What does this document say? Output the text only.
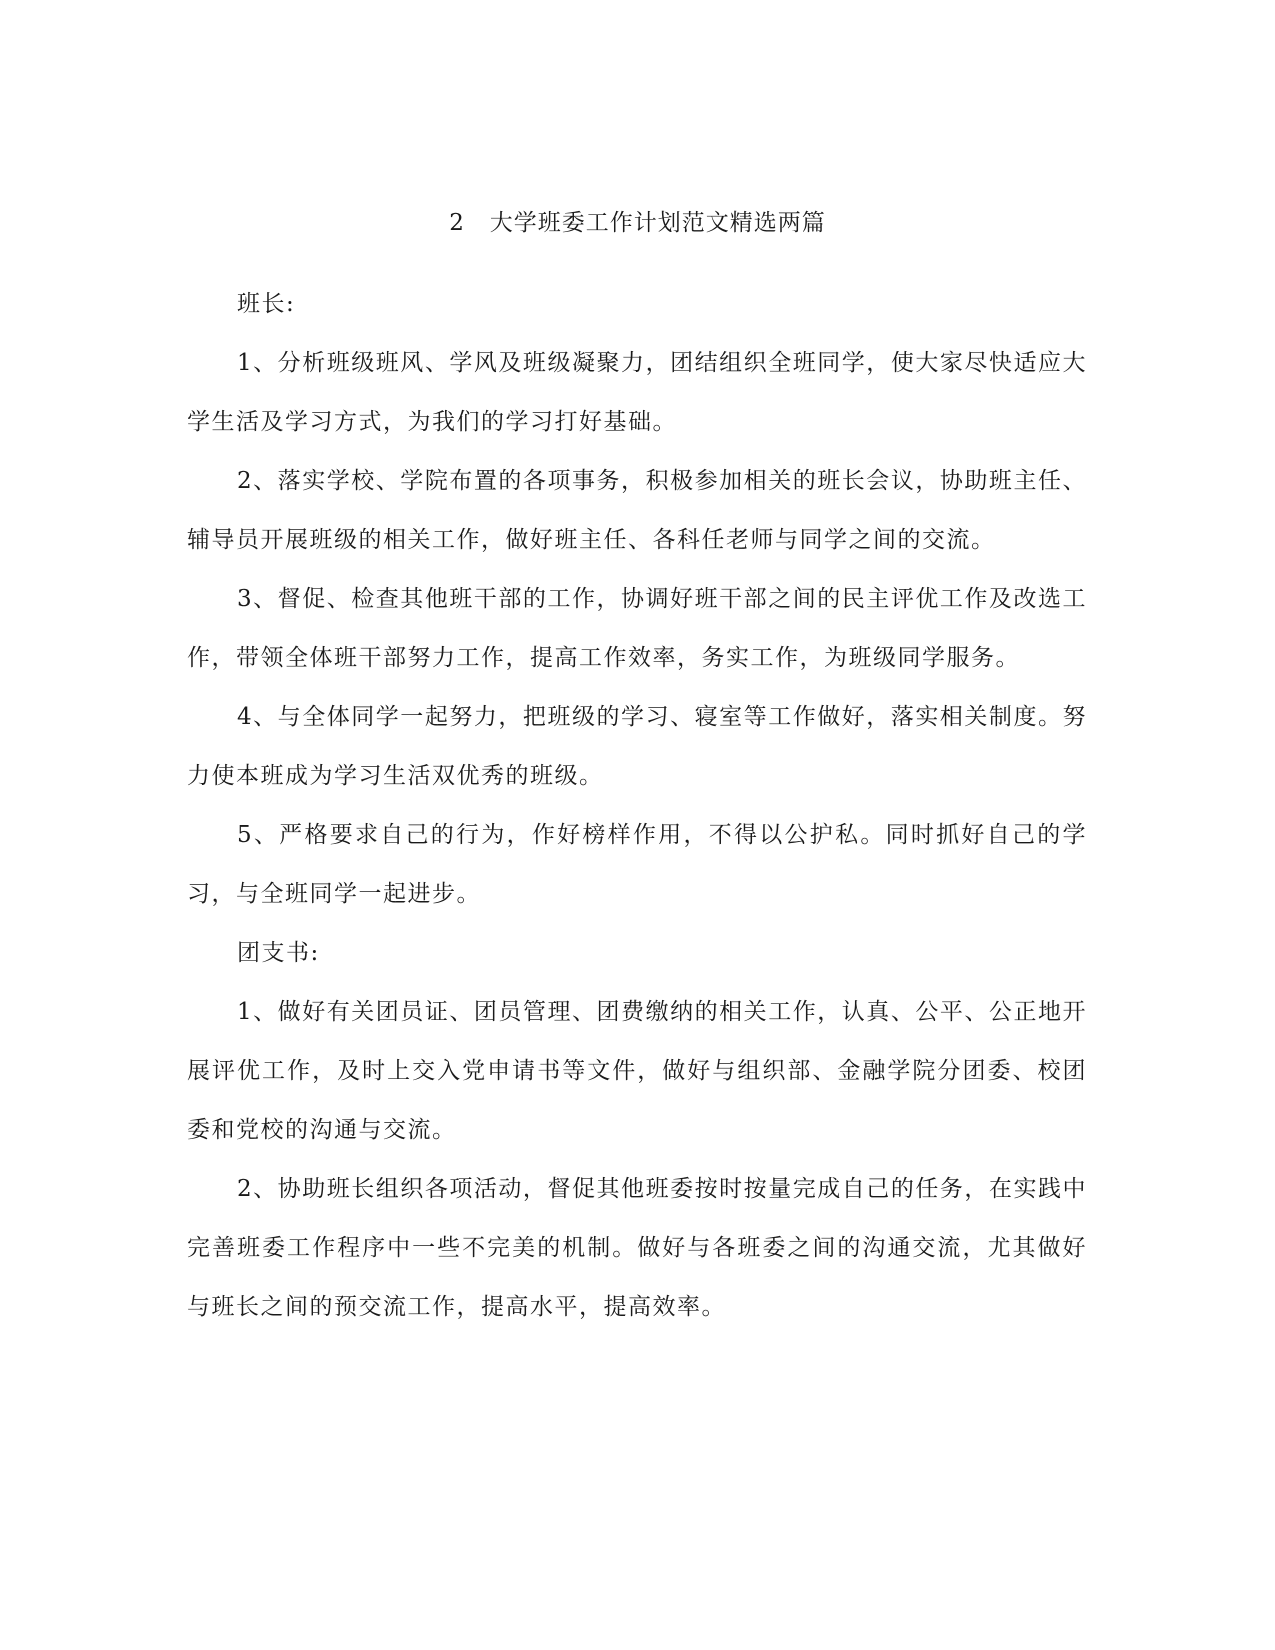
2   大学班委工作计划范文精选两篇

班长:

1、分析班级班风、学风及班级凝聚力，团结组织全班同学，使大家尽快适应大学生活及学习方式，为我们的学习打好基础。

2、落实学校、学院布置的各项事务，积极参加相关的班长会议，协助班主任、辅导员开展班级的相关工作，做好班主任、各科任老师与同学之间的交流。

3、督促、检查其他班干部的工作，协调好班干部之间的民主评优工作及改选工作，带领全体班干部努力工作，提高工作效率，务实工作，为班级同学服务。

4、与全体同学一起努力，把班级的学习、寝室等工作做好，落实相关制度。努力使本班成为学习生活双优秀的班级。

5、严格要求自己的行为，作好榜样作用，不得以公护私。同时抓好自己的学习，与全班同学一起进步。

团支书:

1、做好有关团员证、团员管理、团费缴纳的相关工作，认真、公平、公正地开展评优工作，及时上交入党申请书等文件，做好与组织部、金融学院分团委、校团委和党校的沟通与交流。

2、协助班长组织各项活动，督促其他班委按时按量完成自己的任务，在实践中完善班委工作程序中一些不完美的机制。做好与各班委之间的沟通交流，尤其做好与班长之间的预交流工作，提高水平，提高效率。
